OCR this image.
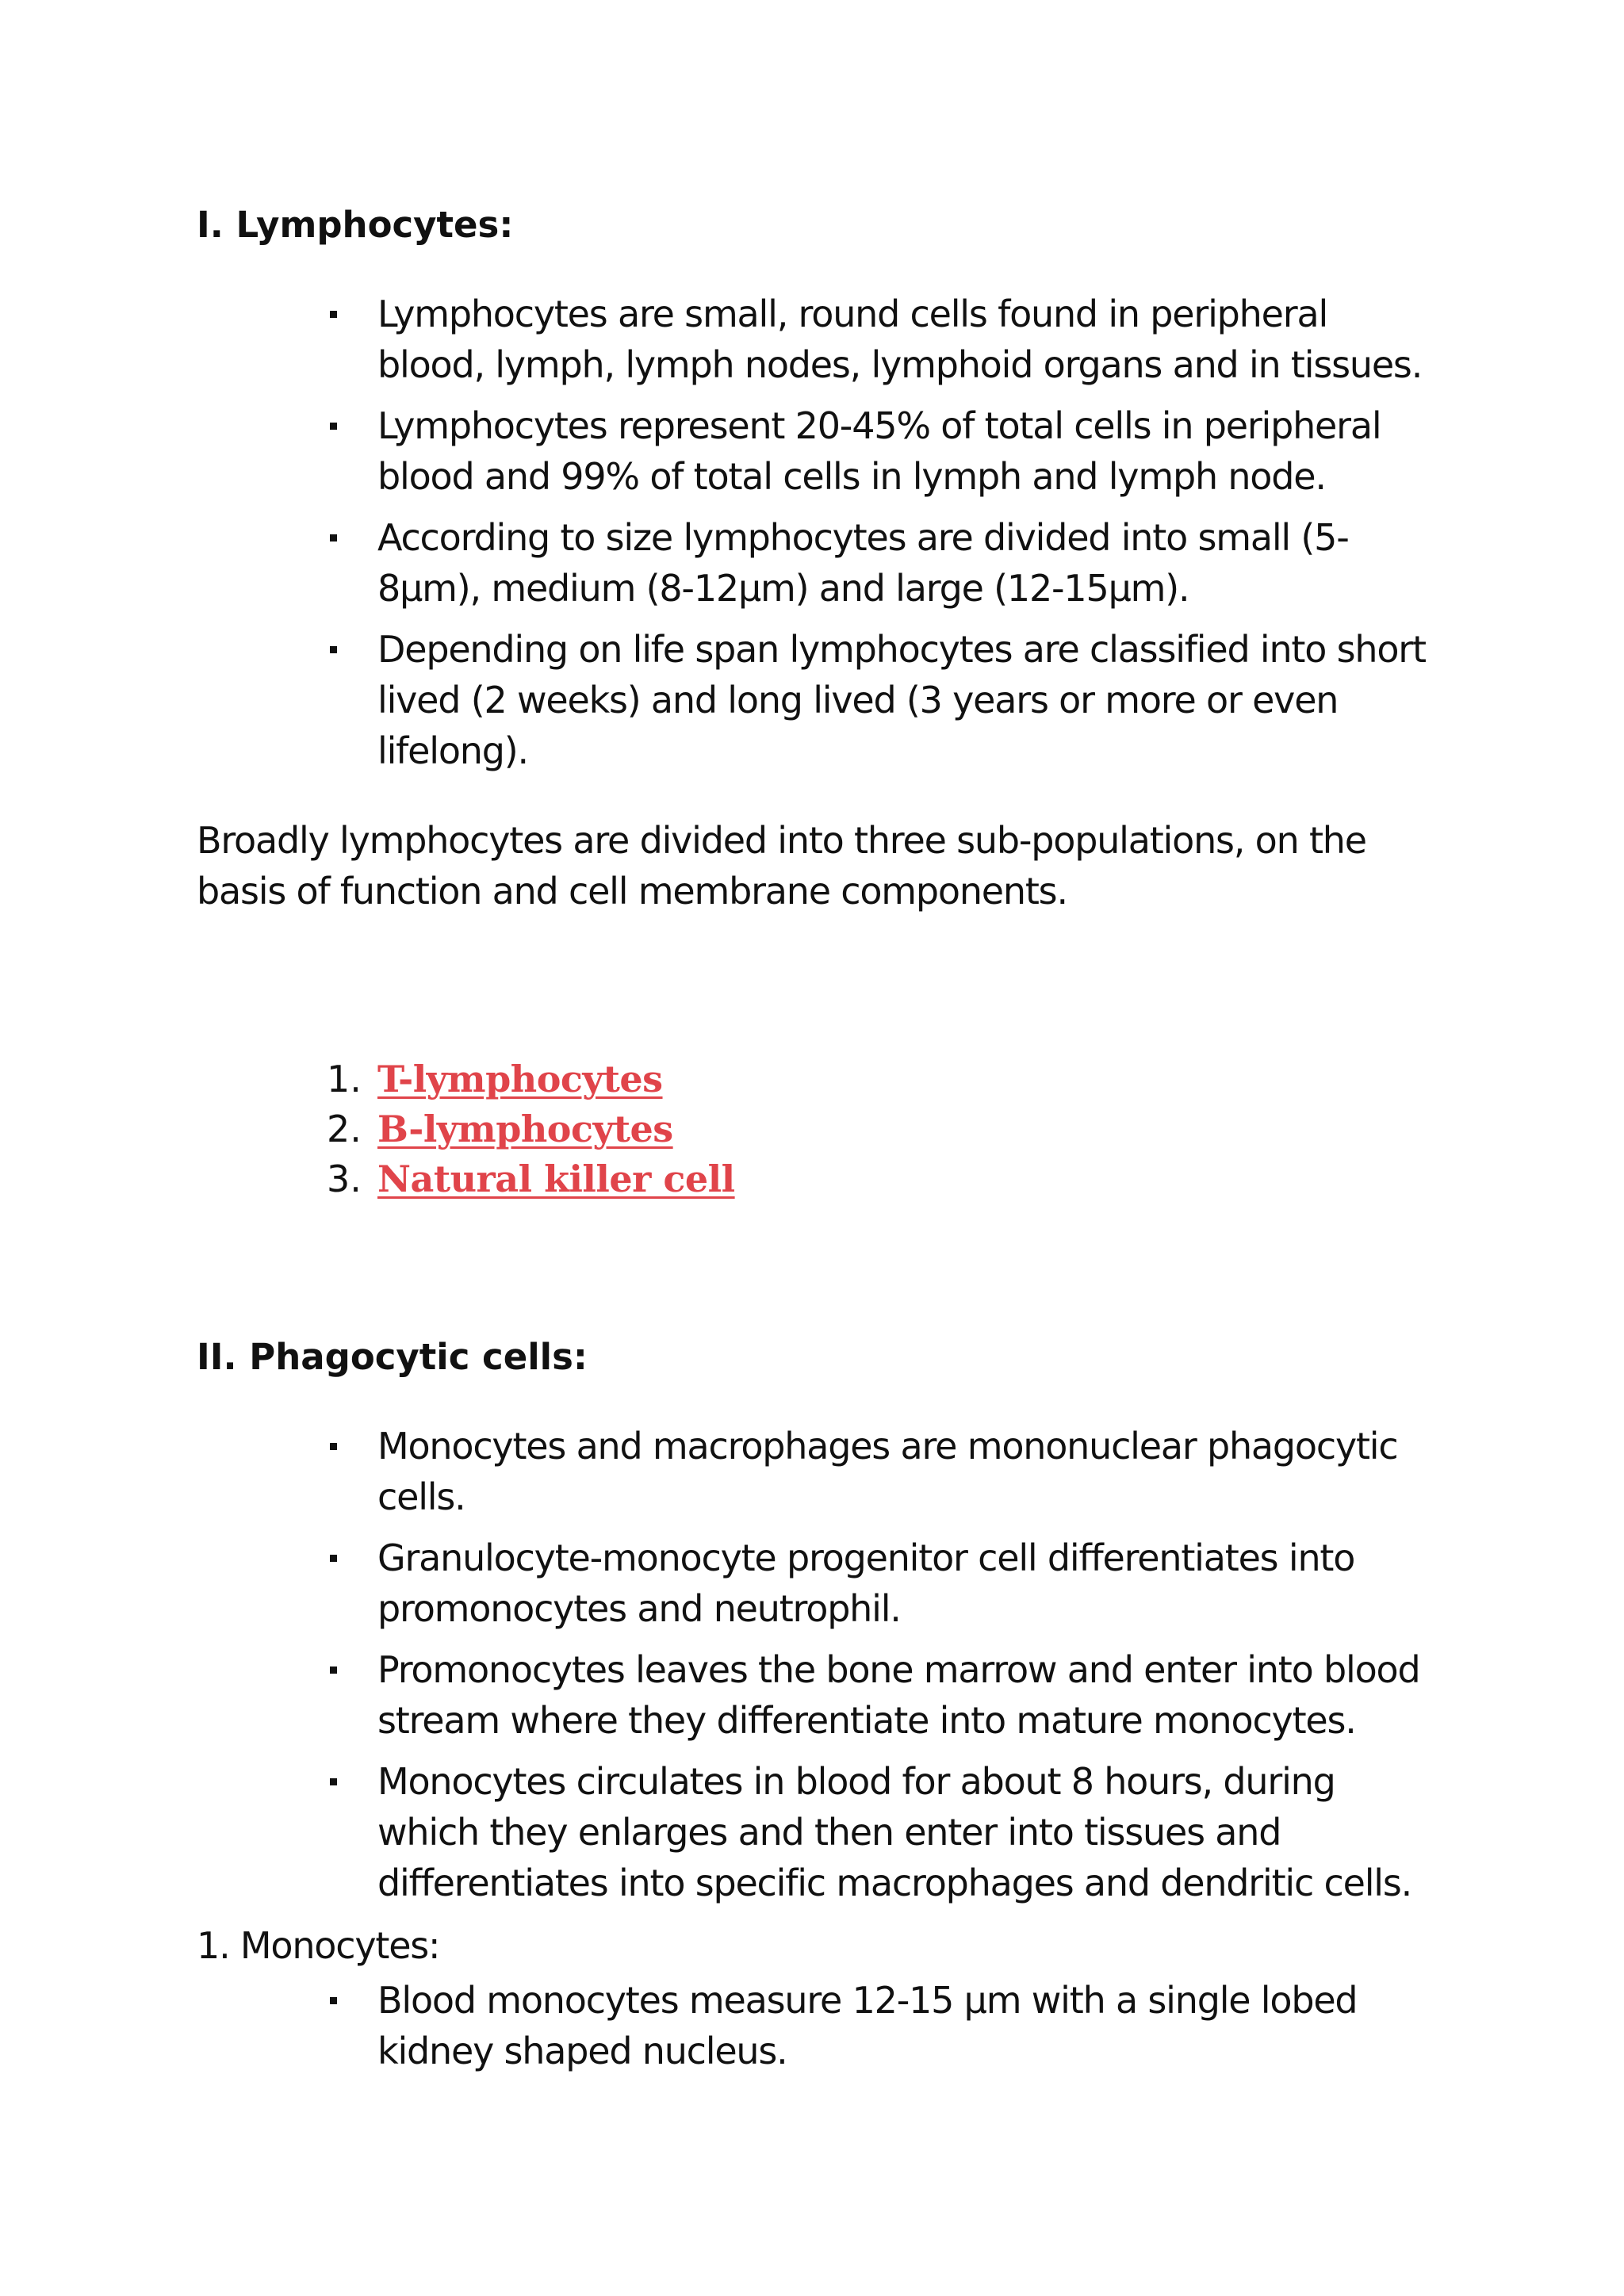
I. Lymphocytes:
Lymphocytes are small, round cells found in peripheral blood, lymph, lymph nodes, lymphoid organs and in tissues.
Lymphocytes represent 20-45% of total cells in peripheral blood and 99% of total cells in lymph and lymph node.
According to size lymphocytes are divided into small (5-8µm), medium (8-12µm) and large (12-15µm).
Depending on life span lymphocytes are classified into short lived (2 weeks) and long lived (3 years or more or even lifelong).

Broadly lymphocytes are divided into three sub-populations, on the basis of function and cell membrane components.

1. T-lymphocytes
2. B-lymphocytes
3. Natural killer cell
II. Phagocytic cells:
Monocytes and macrophages are mononuclear phagocytic cells.
Granulocyte-monocyte progenitor cell differentiates into promonocytes and neutrophil.
Promonocytes leaves the bone marrow and enter into blood stream where they differentiate into mature monocytes.
Monocytes circulates in blood for about 8 hours, during which they enlarges and then enter into tissues and differentiates into specific macrophages and dendritic cells.

1. Monocytes:

Blood monocytes measure 12-15 µm with a single lobed kidney shaped nucleus.
